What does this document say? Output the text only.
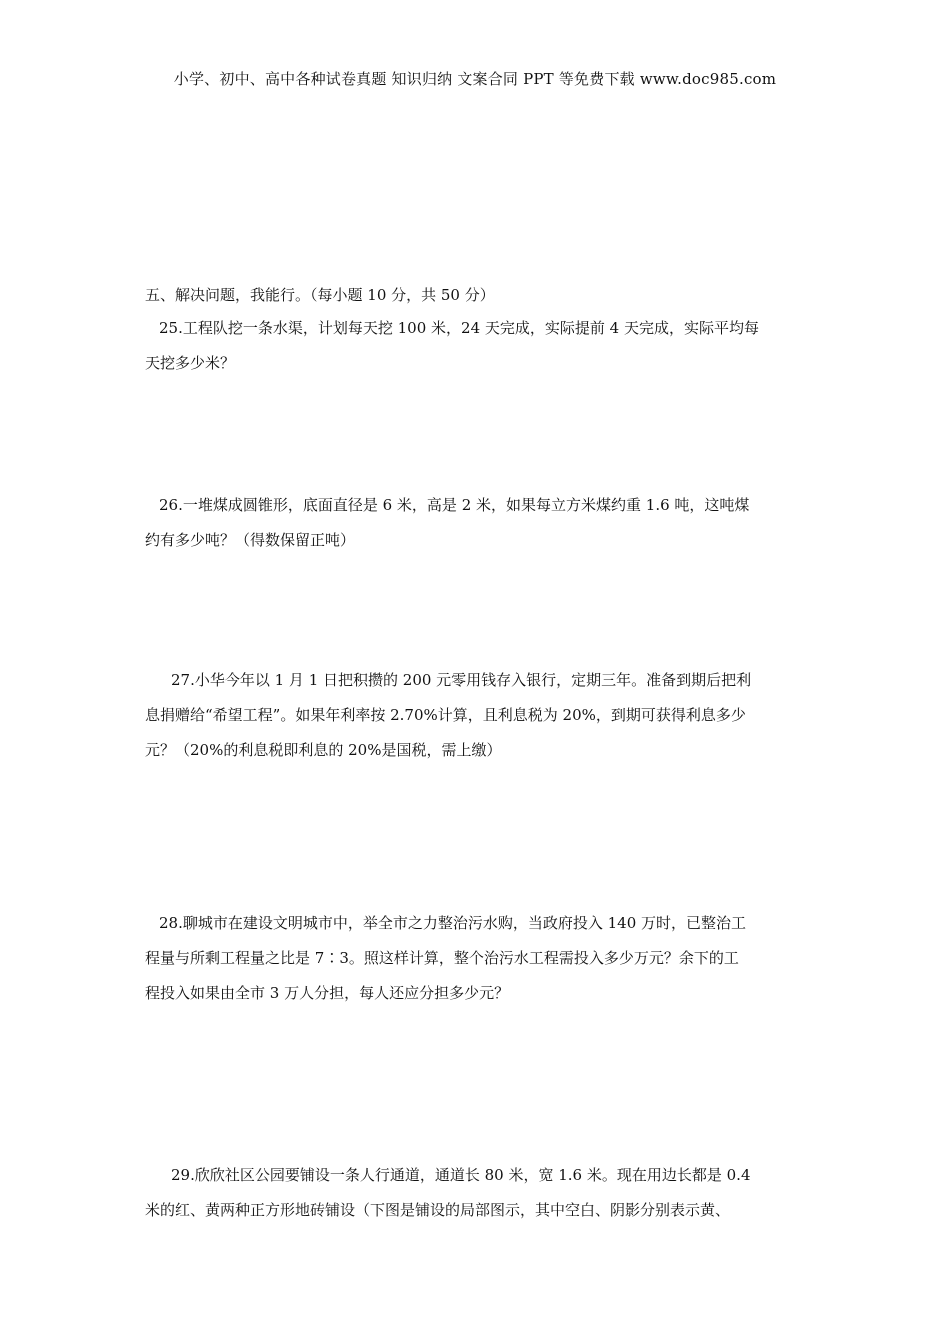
小学、初中、高中各种试卷真题 知识归纳 文案合同 PPT 等免费下载 www.doc985.com
五、解决问题，我能行。（每小题 10 分，共 50 分）
25.工程队挖一条水渠，计划每天挖 100 米，24 天完成，实际提前 4 天完成，实际平均每
天挖多少米？
26.一堆煤成圆锥形，底面直径是 6 米，高是 2 米，如果每立方米煤约重 1.6 吨，这吨煤
约有多少吨？（得数保留正吨）
27.小华今年以 1 月 1 日把积攒的 200 元零用钱存入银行，定期三年。准备到期后把利
息捐赠给“希望工程”。如果年利率按 2.70%计算，且利息税为 20%，到期可获得利息多少
元？（20%的利息税即利息的 20%是国税，需上缴）
28.聊城市在建设文明城市中，举全市之力整治污水购，当政府投入 140 万时，已整治工
程量与所剩工程量之比是 7∶3。照这样计算，整个治污水工程需投入多少万元？余下的工
程投入如果由全市 3 万人分担，每人还应分担多少元？
29.欣欣社区公园要铺设一条人行通道，通道长 80 米，宽 1.6 米。现在用边长都是 0.4
米的红、黄两种正方形地砖铺设（下图是铺设的局部图示，其中空白、阴影分别表示黄、
